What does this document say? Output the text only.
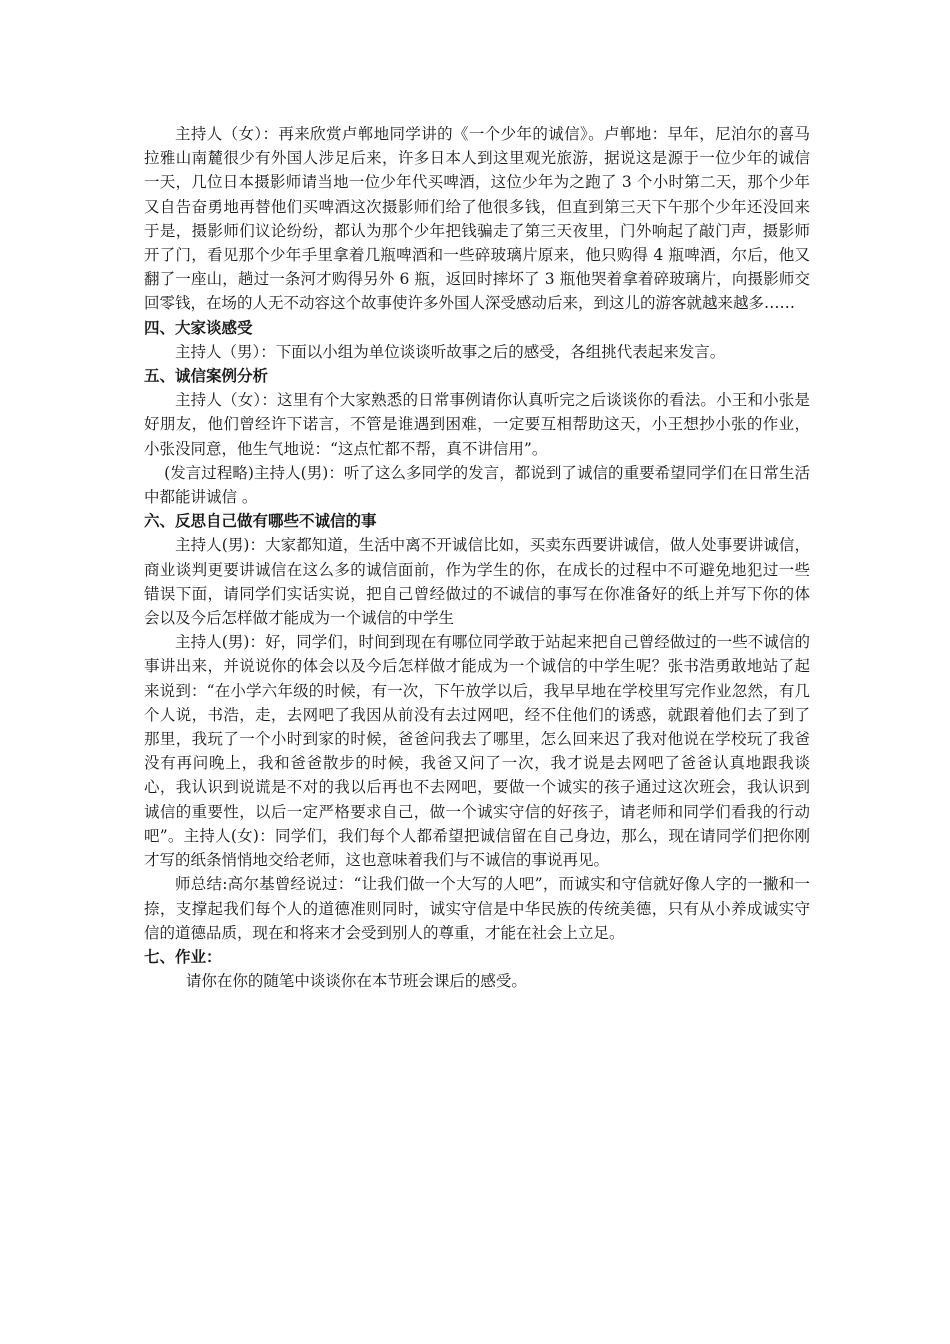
主持人（女）：再来欣赏卢郸地同学讲的《一个少年的诚信》。卢郸地：早年，尼泊尔的喜马拉雅山南麓很少有外国人涉足后来，许多日本人到这里观光旅游，据说这是源于一位少年的诚信一天，几位日本摄影师请当地一位少年代买啤酒，这位少年为之跑了 3 个小时第二天，那个少年又自告奋勇地再替他们买啤酒这次摄影师们给了他很多钱，但直到第三天下午那个少年还没回来于是，摄影师们议论纷纷，都认为那个少年把钱骗走了第三天夜里，门外响起了敲门声，摄影师开了门，看见那个少年手里拿着几瓶啤酒和一些碎玻璃片原来，他只购得 4 瓶啤酒，尔后，他又翻了一座山，趟过一条河才购得另外 6 瓶，返回时摔坏了 3 瓶他哭着拿着碎玻璃片，向摄影师交回零钱，在场的人无不动容这个故事使许多外国人深受感动后来，到这儿的游客就越来越多……

四、大家谈感受

主持人（男）：下面以小组为单位谈谈听故事之后的感受，各组挑代表起来发言。

五、诚信案例分析

主持人（女）：这里有个大家熟悉的日常事例请你认真听完之后谈谈你的看法。小王和小张是好朋友，他们曾经许下诺言，不管是谁遇到困难，一定要互相帮助这天，小王想抄小张的作业，小张没同意，他生气地说：“这点忙都不帮，真不讲信用”。

(发言过程略)主持人(男)：听了这么多同学的发言，都说到了诚信的重要希望同学们在日常生活中都能讲诚信 。

六、反思自己做有哪些不诚信的事

主持人(男)：大家都知道，生活中离不开诚信比如，买卖东西要讲诚信，做人处事要讲诚信，商业谈判更要讲诚信在这么多的诚信面前，作为学生的你，在成长的过程中不可避免地犯过一些错误下面，请同学们实话实说，把自己曾经做过的不诚信的事写在你准备好的纸上并写下你的体会以及今后怎样做才能成为一个诚信的中学生

主持人(男)：好，同学们，时间到现在有哪位同学敢于站起来把自己曾经做过的一些不诚信的事讲出来，并说说你的体会以及今后怎样做才能成为一个诚信的中学生呢？张书浩勇敢地站了起来说到：“在小学六年级的时候，有一次，下午放学以后，我早早地在学校里写完作业忽然，有几个人说，书浩，走，去网吧了我因从前没有去过网吧，经不住他们的诱惑，就跟着他们去了到了那里，我玩了一个小时到家的时候，爸爸问我去了哪里，怎么回来迟了我对他说在学校玩了我爸没有再问晚上，我和爸爸散步的时候，我爸又问了一次，我才说是去网吧了爸爸认真地跟我谈心，我认识到说谎是不对的我以后再也不去网吧，要做一个诚实的孩子通过这次班会，我认识到诚信的重要性，以后一定严格要求自己，做一个诚实守信的好孩子，请老师和同学们看我的行动吧”。主持人(女)：同学们，我们每个人都希望把诚信留在自己身边，那么，现在请同学们把你刚才写的纸条悄悄地交给老师，这也意味着我们与不诚信的事说再见。

师总结:高尔基曾经说过：“让我们做一个大写的人吧”，而诚实和守信就好像人字的一撇和一捺，支撑起我们每个人的道德准则同时，诚实守信是中华民族的传统美德，只有从小养成诚实守信的道德品质，现在和将来才会受到别人的尊重，才能在社会上立足。

七、作业：

请你在你的随笔中谈谈你在本节班会课后的感受。
